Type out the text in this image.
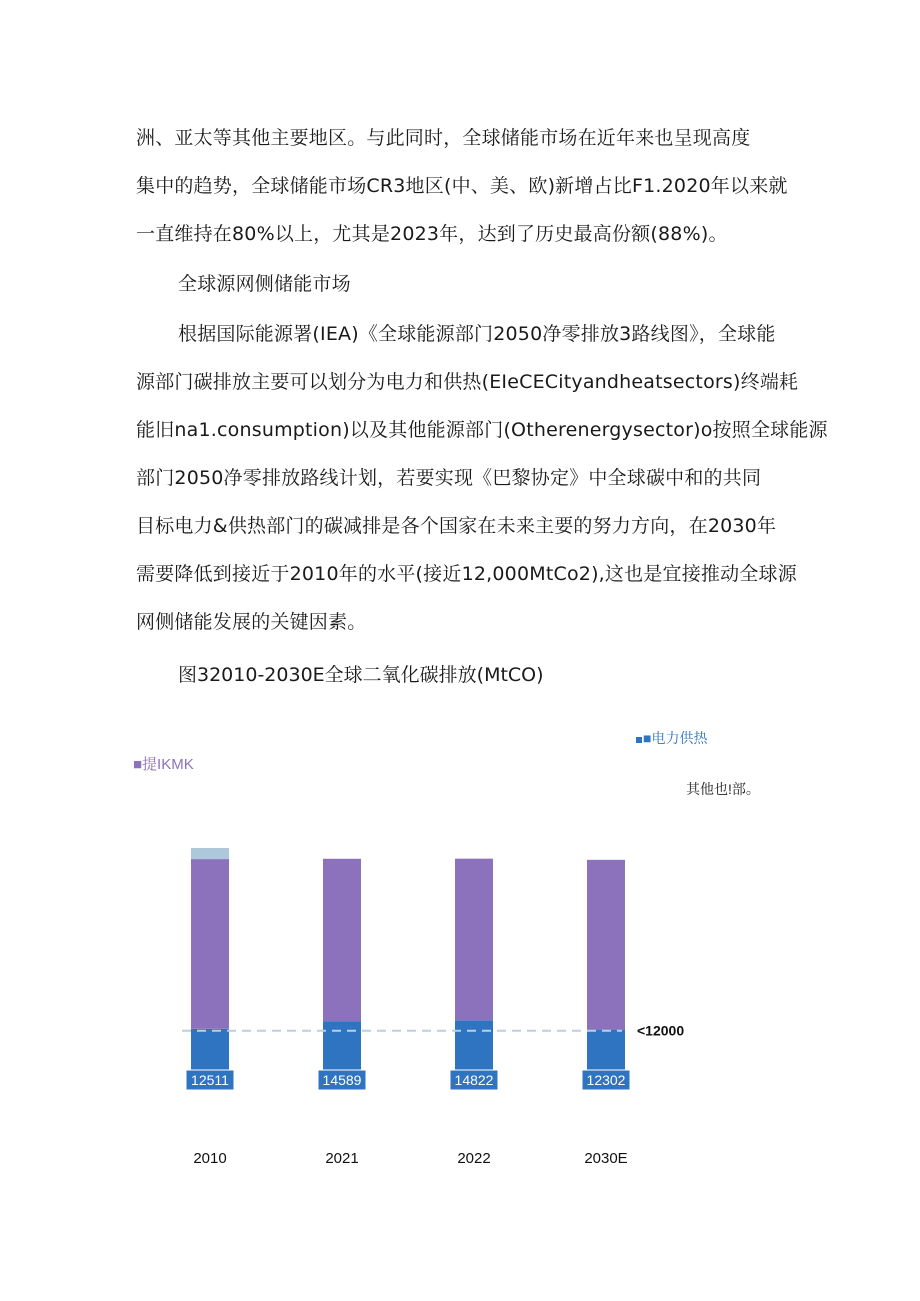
洲、亚太等其他主要地区。与此同时，全球储能市场在近年来也呈现高度
集中的趋势，全球储能市场CR3地区(中、美、欧)新增占比F1.2020年以来就
一直维持在80%以上，尤其是2023年，达到了历史最高份额(88%)。
全球源网侧储能市场
根据国际能源署(IEA)《全球能源部门2050净零排放3路线图》，全球能
源部门碳排放主要可以划分为电力和供热(EIeCECityandheatsectors)终端耗
能旧na1.consumption)以及其他能源部门(Otherenergysector)o按照全球能源
部门2050净零排放路线计划，若要实现《巴黎协定》中全球碳中和的共同
目标电力&供热部门的碳减排是各个国家在未来主要的努力方向，在2030年
需要降低到接近于2010年的水平(接近12,000MtCo2),这也是宜接推动全球源
网侧储能发展的关键因素。
图32010-2030E全球二氧化碳排放(MtCO)
■电力供热
■提IKMK
其他也!部。
12511
2010
14589
2021
14822
2022
12302
2030E
<12000
